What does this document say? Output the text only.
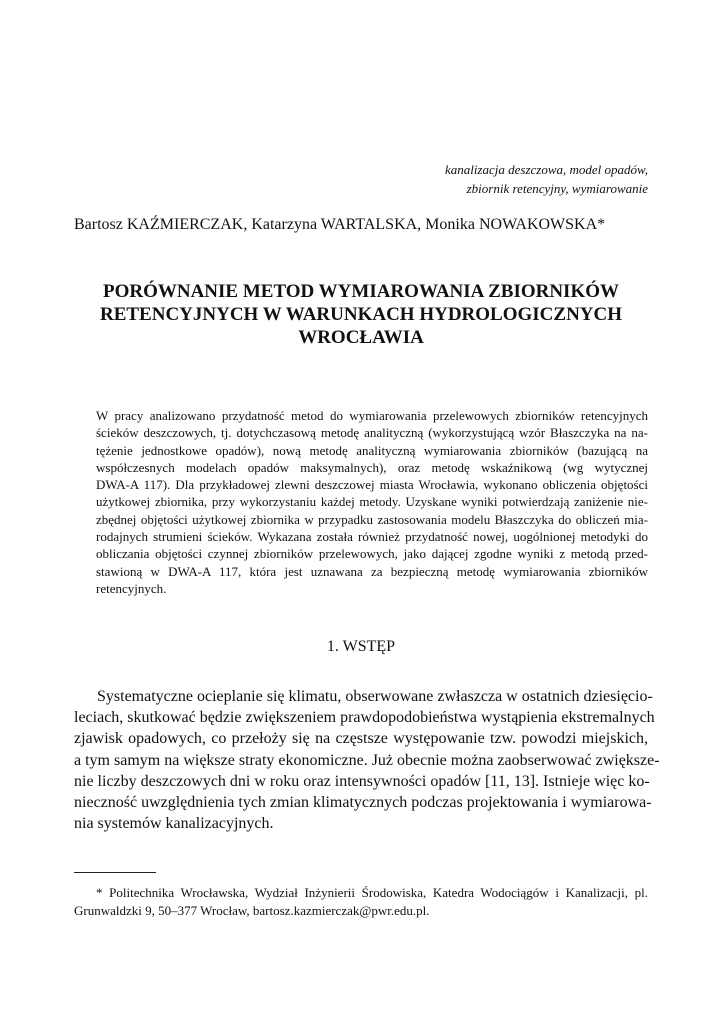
kanalizacja deszczowa, model opadów,
zbiornik retencyjny, wymiarowanie
Bartosz KAŹMIERCZAK, Katarzyna WARTALSKA, Monika NOWAKOWSKA*
PORÓWNANIE METOD WYMIAROWANIA ZBIORNIKÓW
RETENCYJNYCH W WARUNKACH HYDROLOGICZNYCH
WROCŁAWIA
W pracy analizowano przydatność metod do wymiarowania przelewowych zbiorników retencyjnych
ścieków deszczowych, tj. dotychczasową metodę analityczną (wykorzystującą wzór Błaszczyka na na-
tężenie jednostkowe opadów), nową metodę analityczną wymiarowania zbiorników (bazującą na
współczesnych modelach opadów maksymalnych), oraz metodę wskaźnikową (wg wytycznej
DWA-A 117). Dla przykładowej zlewni deszczowej miasta Wrocławia, wykonano obliczenia objętości
użytkowej zbiornika, przy wykorzystaniu każdej metody. Uzyskane wyniki potwierdzają zaniżenie nie-
zbędnej objętości użytkowej zbiornika w przypadku zastosowania modelu Błaszczyka do obliczeń mia-
rodajnych strumieni ścieków. Wykazana została również przydatność nowej, uogólnionej metodyki do
obliczania objętości czynnej zbiorników przelewowych, jako dającej zgodne wyniki z metodą przed-
stawioną w DWA-A 117, która jest uznawana za bezpieczną metodę wymiarowania zbiorników
retencyjnych.
1. WSTĘP
Systematyczne ocieplanie się klimatu, obserwowane zwłaszcza w ostatnich dziesięcio-
leciach, skutkować będzie zwiększeniem prawdopodobieństwa wystąpienia ekstremalnych
zjawisk opadowych, co przełoży się na częstsze występowanie tzw. powodzi miejskich,
a tym samym na większe straty ekonomiczne. Już obecnie można zaobserwować zwiększe-
nie liczby deszczowych dni w roku oraz intensywności opadów [11, 13]. Istnieje więc ko-
nieczność uwzględnienia tych zmian klimatycznych podczas projektowania i wymiarowa-
nia systemów kanalizacyjnych.
* Politechnika Wrocławska, Wydział Inżynierii Środowiska, Katedra Wodociągów i Kanalizacji, pl.
Grunwaldzki 9, 50–377 Wrocław, bartosz.kazmierczak@pwr.edu.pl.
